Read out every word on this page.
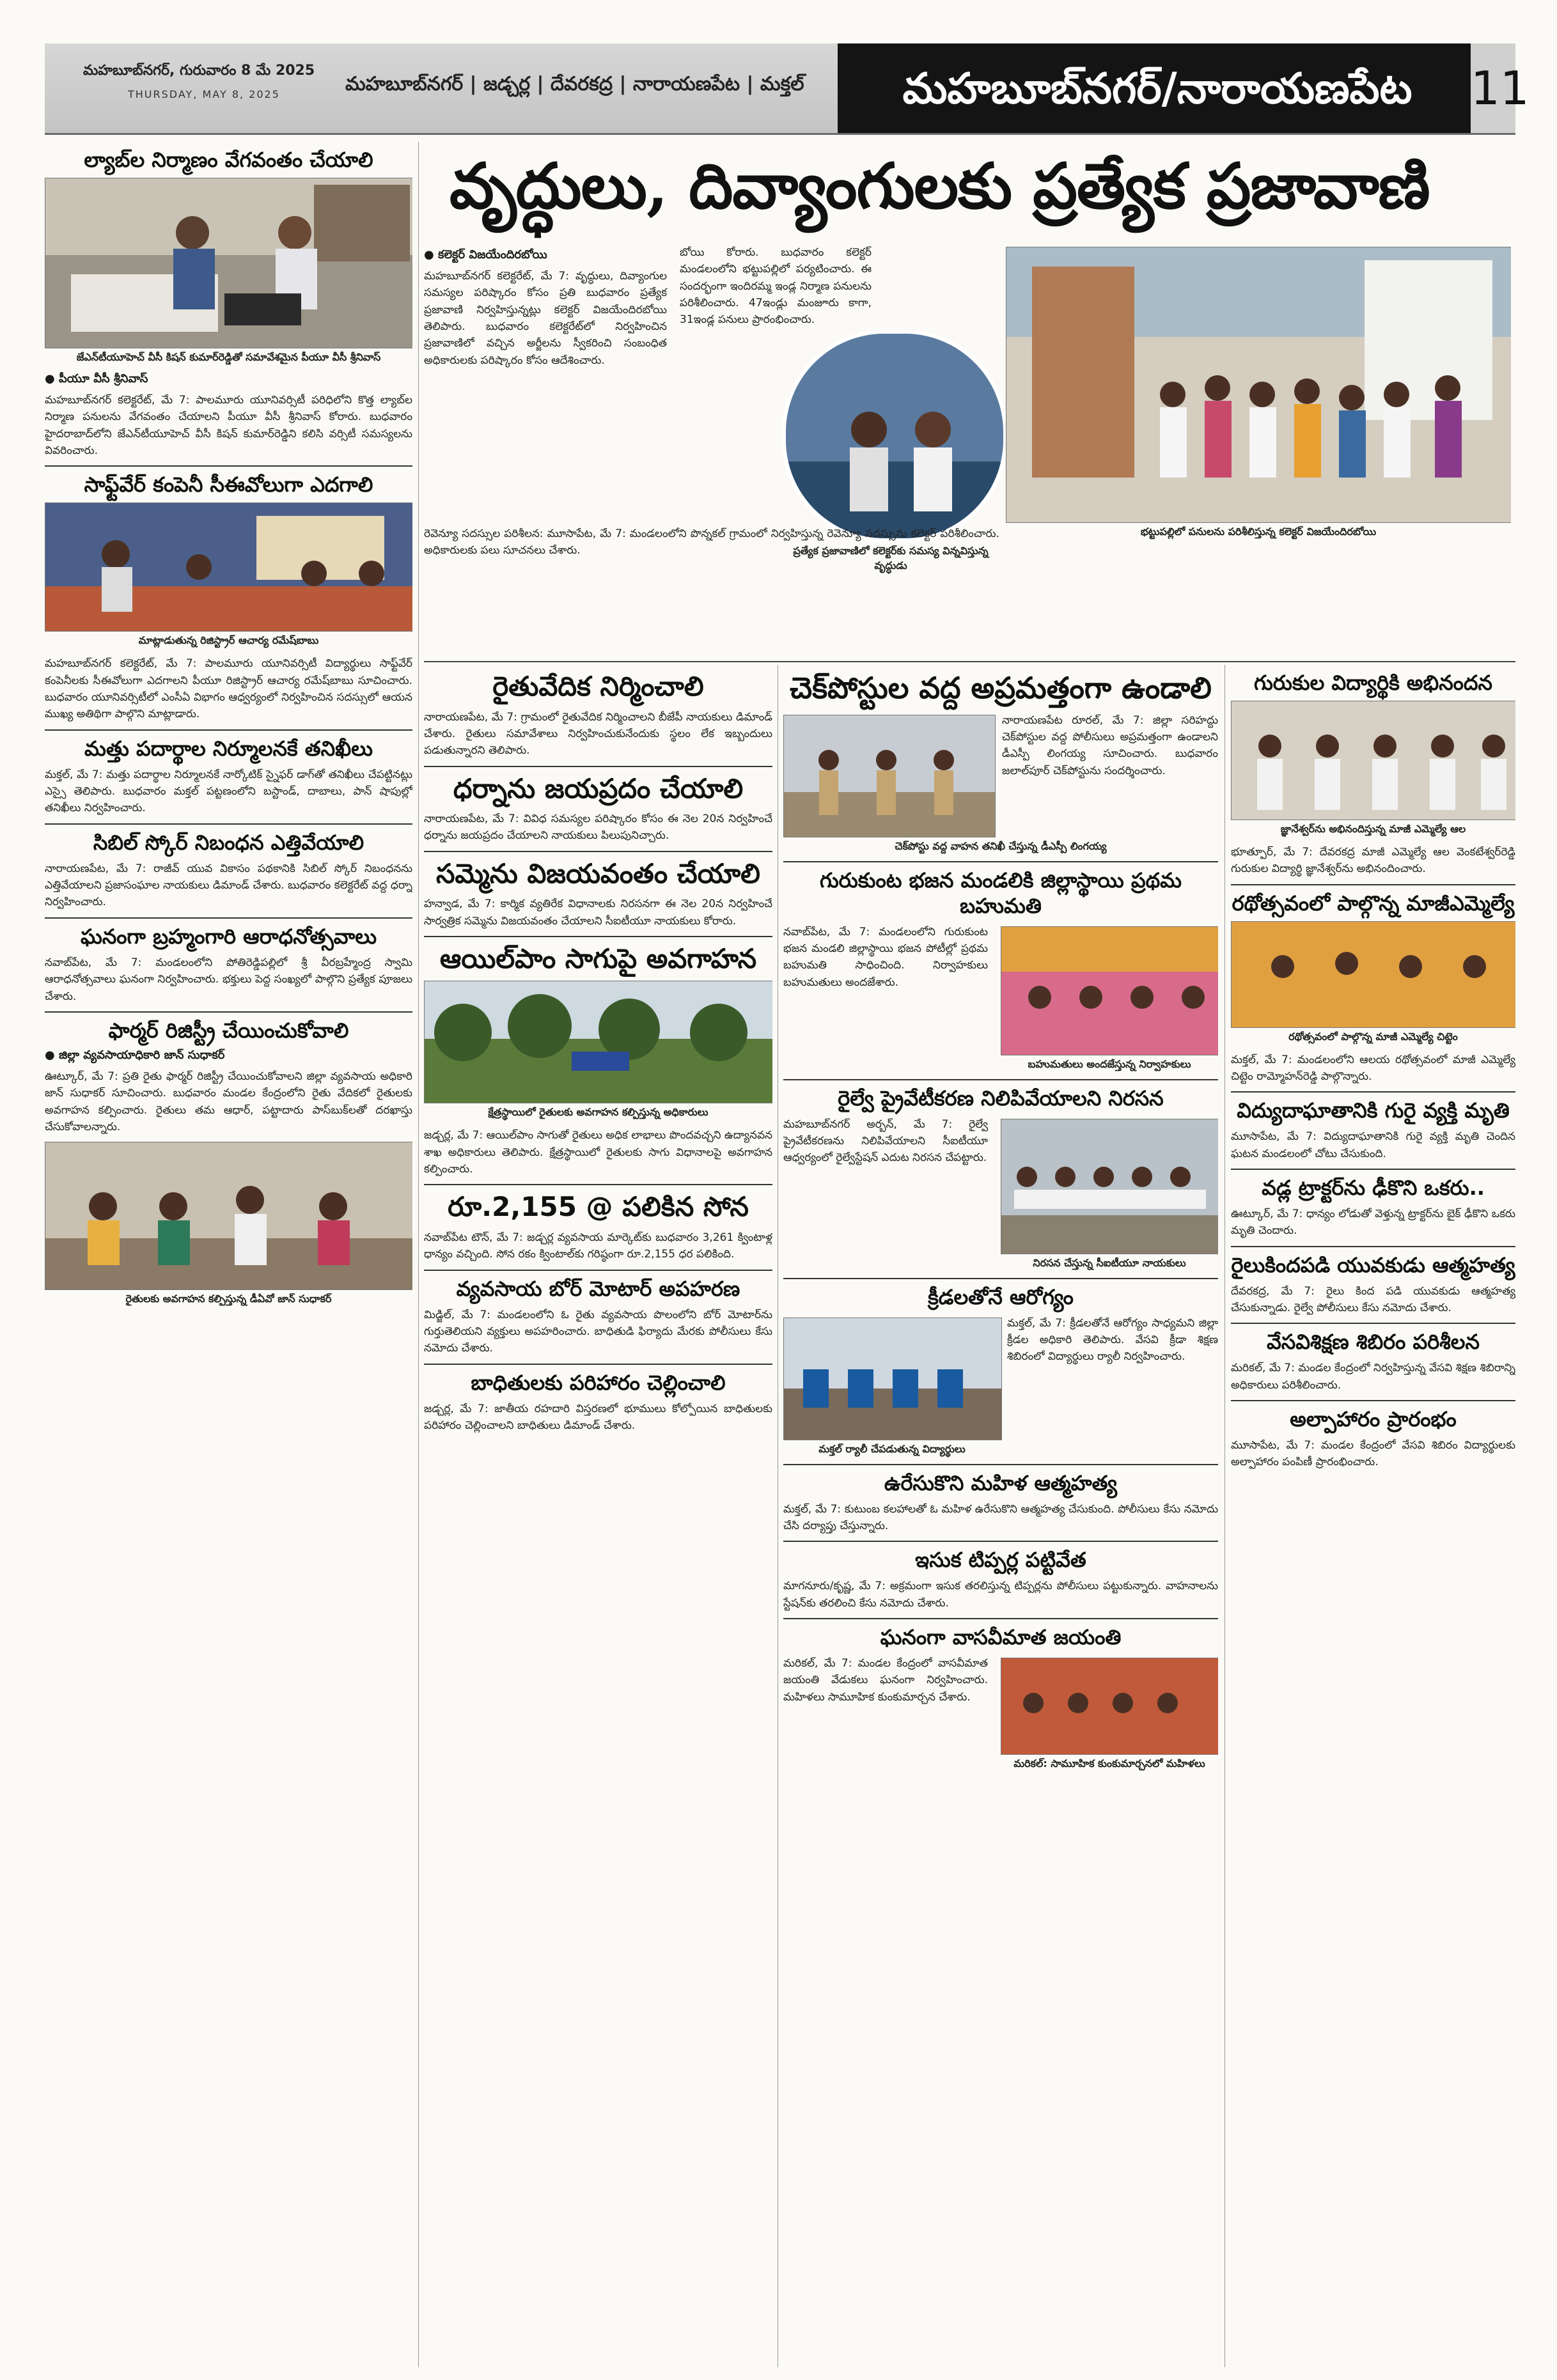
మహబూబ్‌నగర్, గురువారం 8 మే 2025
THURSDAY, MAY 8, 2025	మహబూబ్‌నగర్ | జడ్చర్ల | దేవరకద్ర | నారాయణపేట | మక్తల్	మహబూబ్‌నగర్/నారాయణపేట	11
ల్యాబ్‌ల నిర్మాణం వేగవంతం చేయాలి
జేఎన్‌టీయూహెచ్ వీసీ కిషన్ కుమార్‌రెడ్డితో సమావేశమైన పీయూ వీసీ శ్రీనివాస్
● పీయూ వీసీ శ్రీనివాస్

మహబూబ్‌నగర్ కలెక్టరేట్, మే 7: పాలమూరు యూనివర్సిటీ పరిధిలోని కొత్త ల్యాబ్‌ల నిర్మాణ పనులను వేగవంతం చేయాలని పీయూ వీసీ శ్రీనివాస్ కోరారు. బుధవారం హైదరాబాద్‌లోని జేఎన్‌టీయూహెచ్ వీసీ కిషన్ కుమార్‌రెడ్డిని కలిసి వర్సిటీ సమస్యలను వివరించారు.

సాఫ్ట్‌వేర్ కంపెనీ సీఈవోలుగా ఎదగాలి
మాట్లాడుతున్న రిజిస్ట్రార్ ఆచార్య రమేష్‌బాబు

మహబూబ్‌నగర్ కలెక్టరేట్, మే 7: పాలమూరు యూనివర్సిటీ విద్యార్థులు సాఫ్ట్‌వేర్ కంపెనీలకు సీఈవోలుగా ఎదగాలని పీయూ రిజిస్ట్రార్ ఆచార్య రమేష్‌బాబు సూచించారు. బుధవారం యూనివర్సిటీలో ఎంసీఏ విభాగం ఆధ్వర్యంలో నిర్వహించిన సదస్సులో ఆయన ముఖ్య అతిథిగా పాల్గొని మాట్లాడారు.

మత్తు పదార్థాల నిర్మూలనకే తనిఖీలు

మక్తల్, మే 7: మత్తు పదార్థాల నిర్మూలనకే నార్కోటిక్ స్నైఫర్ డాగ్‌తో తనిఖీలు చేపట్టినట్లు ఎస్సై తెలిపారు. బుధవారం మక్తల్ పట్టణంలోని బస్టాండ్, దాబాలు, పాన్ షాపుల్లో తనిఖీలు నిర్వహించారు.

సిబిల్ స్కోర్ నిబంధన ఎత్తివేయాలి

నారాయణపేట, మే 7: రాజీవ్ యువ వికాసం పథకానికి సిబిల్ స్కోర్ నిబంధనను ఎత్తివేయాలని ప్రజాసంఘాల నాయకులు డిమాండ్ చేశారు. బుధవారం కలెక్టరేట్ వద్ద ధర్నా నిర్వహించారు.

ఘనంగా బ్రహ్మంగారి ఆరాధనోత్సవాలు

నవాబ్‌పేట, మే 7: మండలంలోని పోతిరెడ్డిపల్లిలో శ్రీ వీరబ్రహ్మేంద్ర స్వామి ఆరాధనోత్సవాలు ఘనంగా నిర్వహించారు. భక్తులు పెద్ద సంఖ్యలో పాల్గొని ప్రత్యేక పూజలు చేశారు.

ఫార్మర్ రిజిస్ట్రీ చేయించుకోవాలి
● జిల్లా వ్యవసాయాధికారి జాన్ సుధాకర్

ఊట్కూర్, మే 7: ప్రతి రైతు ఫార్మర్ రిజిస్ట్రీ చేయించుకోవాలని జిల్లా వ్యవసాయ అధికారి జాన్ సుధాకర్ సూచించారు. బుధవారం మండల కేంద్రంలోని రైతు వేదికలో రైతులకు అవగాహన కల్పించారు. రైతులు తమ ఆధార్, పట్టాదారు పాస్‌బుక్‌లతో దరఖాస్తు చేసుకోవాలన్నారు.

రైతులకు అవగాహన కల్పిస్తున్న డీఏవో జాన్ సుధాకర్
వృద్ధులు, దివ్యాంగులకు ప్రత్యేక ప్రజావాణి
● కలెక్టర్ విజయేందిరబోయి

మహబూబ్‌నగర్ కలెక్టరేట్, మే 7: వృద్ధులు, దివ్యాంగుల సమస్యల పరిష్కారం కోసం ప్రతి బుధవారం ప్రత్యేక ప్రజావాణి నిర్వహిస్తున్నట్లు కలెక్టర్ విజయేందిరబోయి తెలిపారు. బుధవారం కలెక్టరేట్‌లో నిర్వహించిన ప్రజావాణిలో వచ్చిన అర్జీలను స్వీకరించి సంబంధిత అధికారులకు పరిష్కారం కోసం ఆదేశించారు.

బోయి కోరారు. బుధవారం కలెక్టర్ మండలంలోని భట్టుపల్లిలో పర్యటించారు. ఈ సందర్భంగా ఇందిరమ్మ ఇండ్ల నిర్మాణ పనులను పరిశీలించారు. 47ఇండ్లు మంజూరు కాగా, 31ఇండ్ల పనులు ప్రారంభించారు.

ప్రత్యేక ప్రజావాణిలో కలెక్టర్‌కు సమస్య విన్నవిస్తున్న వృద్ధుడు
భట్టుపల్లిలో పనులను పరిశీలిస్తున్న కలెక్టర్ విజయేందిరబోయి

రెవెన్యూ సదస్సుల పరిశీలన: మూసాపేట, మే 7: మండలంలోని పొన్నకల్ గ్రామంలో నిర్వహిస్తున్న రెవెన్యూ సదస్సును కలెక్టర్ పరిశీలించారు. అధికారులకు పలు సూచనలు చేశారు.

రైతువేదిక నిర్మించాలి

నారాయణపేట, మే 7: గ్రామంలో రైతువేదిక నిర్మించాలని బీజేపీ నాయకులు డిమాండ్ చేశారు. రైతులు సమావేశాలు నిర్వహించుకునేందుకు స్థలం లేక ఇబ్బందులు పడుతున్నారని తెలిపారు.

ధర్నాను జయప్రదం చేయాలి

నారాయణపేట, మే 7: వివిధ సమస్యల పరిష్కారం కోసం ఈ నెల 20న నిర్వహించే ధర్నాను జయప్రదం చేయాలని నాయకులు పిలుపునిచ్చారు.

సమ్మెను విజయవంతం చేయాలి

హన్వాడ, మే 7: కార్మిక వ్యతిరేక విధానాలకు నిరసనగా ఈ నెల 20న నిర్వహించే సార్వత్రిక సమ్మెను విజయవంతం చేయాలని సీఐటీయూ నాయకులు కోరారు.

ఆయిల్‌పాం సాగుపై అవగాహన
క్షేత్రస్థాయిలో రైతులకు అవగాహన కల్పిస్తున్న అధికారులు

జడ్చర్ల, మే 7: ఆయిల్‌పాం సాగుతో రైతులు అధిక లాభాలు పొందవచ్చని ఉద్యానవన శాఖ అధికారులు తెలిపారు. క్షేత్రస్థాయిలో రైతులకు సాగు విధానాలపై అవగాహన కల్పించారు.

రూ.2,155 @ పలికిన సోన

నవాబ్‌పేట టౌన్, మే 7: జడ్చర్ల వ్యవసాయ మార్కెట్‌కు బుధవారం 3,261 క్వింటాళ్ల ధాన్యం వచ్చింది. సోన రకం క్వింటాల్‌కు గరిష్ఠంగా రూ.2,155 ధర పలికింది.

వ్యవసాయ బోర్ మోటార్ అపహరణ

మిడ్జిల్, మే 7: మండలంలోని ఓ రైతు వ్యవసాయ పొలంలోని బోర్ మోటార్‌ను గుర్తుతెలియని వ్యక్తులు అపహరించారు. బాధితుడి ఫిర్యాదు మేరకు పోలీసులు కేసు నమోదు చేశారు.

బాధితులకు పరిహారం చెల్లించాలి

జడ్చర్ల, మే 7: జాతీయ రహదారి విస్తరణలో భూములు కోల్పోయిన బాధితులకు పరిహారం చెల్లించాలని బాధితులు డిమాండ్ చేశారు.

చెక్‌పోస్టుల వద్ద అప్రమత్తంగా ఉండాలి

నారాయణపేట రూరల్, మే 7: జిల్లా సరిహద్దు చెక్‌పోస్టుల వద్ద పోలీసులు అప్రమత్తంగా ఉండాలని డీఎస్పీ లింగయ్య సూచించారు. బుధవారం జలాల్‌పూర్ చెక్‌పోస్టును సందర్శించారు.

చెక్‌పోస్టు వద్ద వాహన తనిఖీ చేస్తున్న డీఎస్పీ లింగయ్య
గురుకుంట భజన మండలికి జిల్లాస్థాయి ప్రథమ బహుమతి

నవాబ్‌పేట, మే 7: మండలంలోని గురుకుంట భజన మండలి జిల్లాస్థాయి భజన పోటీల్లో ప్రథమ బహుమతి సాధించింది. నిర్వాహకులు బహుమతులు అందజేశారు.

బహుమతులు అందజేస్తున్న నిర్వాహకులు
రైల్వే ప్రైవేటీకరణ నిలిపివేయాలని నిరసన

మహబూబ్‌నగర్ అర్బన్, మే 7: రైల్వే ప్రైవేటీకరణను నిలిపివేయాలని సీఐటీయూ ఆధ్వర్యంలో రైల్వేస్టేషన్ ఎదుట నిరసన చేపట్టారు.

నిరసన చేస్తున్న సీఐటీయూ నాయకులు
క్రీడలతోనే ఆరోగ్యం
మక్తల్ ర్యాలీ చేపడుతున్న విద్యార్థులు

మక్తల్, మే 7: క్రీడలతోనే ఆరోగ్యం సాధ్యమని జిల్లా క్రీడల అధికారి తెలిపారు. వేసవి క్రీడా శిక్షణ శిబిరంలో విద్యార్థులు ర్యాలీ నిర్వహించారు.

ఉరేసుకొని మహిళ ఆత్మహత్య

మక్తల్, మే 7: కుటుంబ కలహాలతో ఓ మహిళ ఉరేసుకొని ఆత్మహత్య చేసుకుంది. పోలీసులు కేసు నమోదు చేసి దర్యాప్తు చేస్తున్నారు.

ఇసుక టిప్పర్ల పట్టివేత

మాగనూరు/కృష్ణ, మే 7: అక్రమంగా ఇసుక తరలిస్తున్న టిప్పర్లను పోలీసులు పట్టుకున్నారు. వాహనాలను స్టేషన్‌కు తరలించి కేసు నమోదు చేశారు.

ఘనంగా వాసవీమాత జయంతి

మరికల్, మే 7: మండల కేంద్రంలో వాసవీమాత జయంతి వేడుకలు ఘనంగా నిర్వహించారు. మహిళలు సామూహిక కుంకుమార్చన చేశారు.

మరికల్: సామూహిక కుంకుమార్చనలో మహిళలు
గురుకుల విద్యార్థికి అభినందన
జ్ఞానేశ్వర్‌ను అభినందిస్తున్న మాజీ ఎమ్మెల్యే ఆల

భూత్పూర్, మే 7: దేవరకద్ర మాజీ ఎమ్మెల్యే ఆల వెంకటేశ్వర్‌రెడ్డి గురుకుల విద్యార్థి జ్ఞానేశ్వర్‌ను అభినందించారు.

రథోత్సవంలో పాల్గొన్న మాజీఎమ్మెల్యే
రథోత్సవంలో పాల్గొన్న మాజీ ఎమ్మెల్యే చిట్టెం

మక్తల్, మే 7: మండలంలోని ఆలయ రథోత్సవంలో మాజీ ఎమ్మెల్యే చిట్టెం రామ్మోహన్‌రెడ్డి పాల్గొన్నారు.

విద్యుదాఘాతానికి గురై వ్యక్తి మృతి

మూసాపేట, మే 7: విద్యుదాఘాతానికి గురై వ్యక్తి మృతి చెందిన ఘటన మండలంలో చోటు చేసుకుంది.

వడ్ల ట్రాక్టర్‌ను ఢీకొని ఒకరు..

ఊట్కూర్, మే 7: ధాన్యం లోడుతో వెళ్తున్న ట్రాక్టర్‌ను బైక్ ఢీకొని ఒకరు మృతి చెందారు.

రైలుకిందపడి యువకుడు ఆత్మహత్య

దేవరకద్ర, మే 7: రైలు కింద పడి యువకుడు ఆత్మహత్య చేసుకున్నాడు. రైల్వే పోలీసులు కేసు నమోదు చేశారు.

వేసవిశిక్షణ శిబిరం పరిశీలన

మరికల్, మే 7: మండల కేంద్రంలో నిర్వహిస్తున్న వేసవి శిక్షణ శిబిరాన్ని అధికారులు పరిశీలించారు.

అల్పాహారం ప్రారంభం

మూసాపేట, మే 7: మండల కేంద్రంలో వేసవి శిబిరం విద్యార్థులకు అల్పాహారం పంపిణీ ప్రారంభించారు.
